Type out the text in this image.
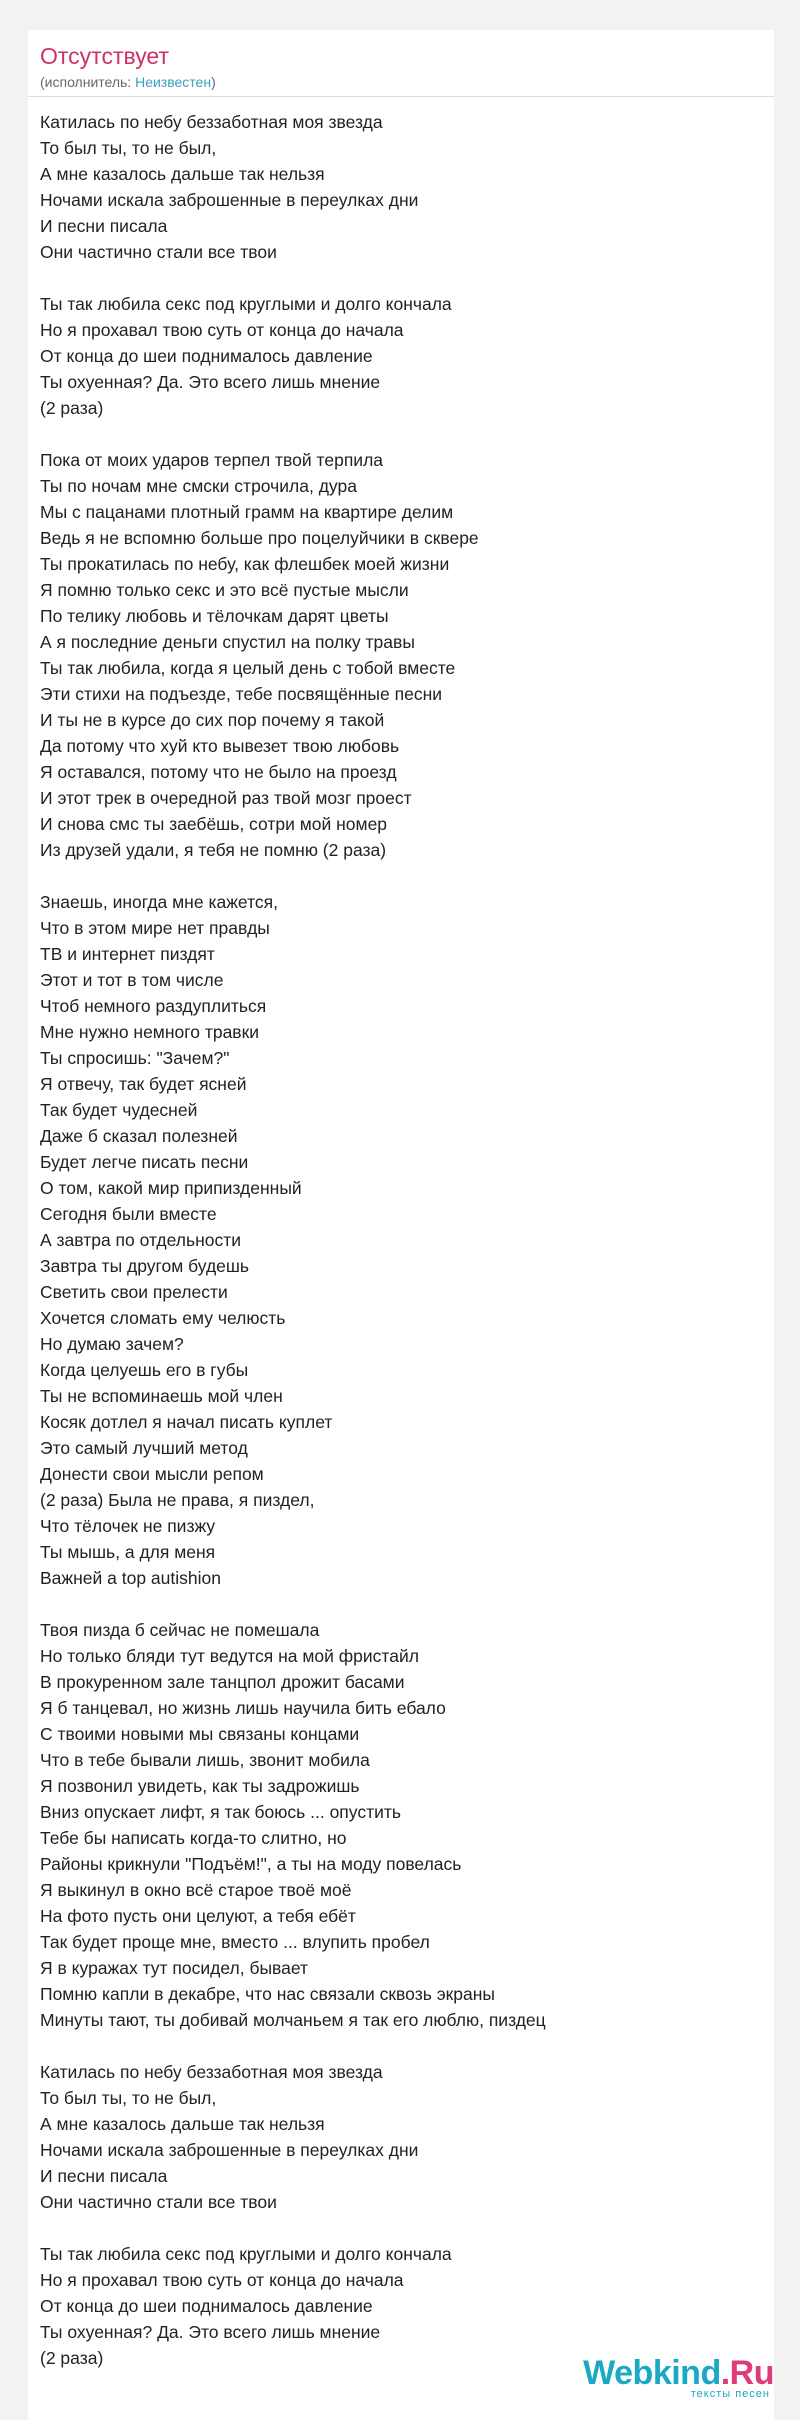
Отсутствует
(исполнитель: Неизвестен)
Катилась по небу беззаботная моя звезда
То был ты, то не был,
А мне казалось дальше так нельзя
Ночами искала заброшенные в переулках дни
И песни писала
Они частично стали все твои
Ты так любила секс под круглыми и долго кончала
Но я прохавал твою суть от конца до начала
От конца до шеи поднималось давление
Ты охуенная? Да. Это всего лишь мнение
(2 раза)
Пока от моих ударов терпел твой терпила
Ты по ночам мне смски строчила, дура
Мы с пацанами плотный грамм на квартире делим
Ведь я не вспомню больше про поцелуйчики в сквере
Ты прокатилась по небу, как флешбек моей жизни
Я помню только секс и это всё пустые мысли
По телику любовь и тёлочкам дарят цветы
А я последние деньги спустил на полку травы
Ты так любила, когда я целый день с тобой вместе
Эти стихи на подъезде, тебе посвящённые песни
И ты не в курсе до сих пор почему я такой
Да потому что хуй кто вывезет твою любовь
Я оставался, потому что не было на проезд
И этот трек в очередной раз твой мозг проест
И снова смс ты заебёшь, сотри мой номер
Из друзей удали, я тебя не помню (2 раза)
Знаешь, иногда мне кажется,
Что в этом мире нет правды
ТВ и интернет пиздят
Этот и тот в том числе
Чтоб немного раздуплиться
Мне нужно немного травки
Ты спросишь: "Зачем?"
Я отвечу, так будет ясней
Так будет чудесней
Даже б сказал полезней
Будет легче писать песни
О том, какой мир припизденный
Сегодня были вместе
А завтра по отдельности
Завтра ты другом будешь
Светить свои прелести
Хочется сломать ему челюсть
Но думаю зачем?
Когда целуешь его в губы
Ты не вспоминаешь мой член
Косяк дотлел я начал писать куплет
Это самый лучший метод
Донести свои мысли репом
(2 раза) Была не права, я пиздел,
Что тёлочек не пизжу
Ты мышь, а для меня
Важней a top autishion
Твоя пизда б сейчас не помешала
Но только бляди тут ведутся на мой фристайл
В прокуренном зале танцпол дрожит басами
Я б танцевал, но жизнь лишь научила бить ебало
С твоими новыми мы связаны концами
Что в тебе бывали лишь, звонит мобила
Я позвонил увидеть, как ты задрожишь
Вниз опускает лифт, я так боюсь ... опустить
Тебе бы написать когда-то слитно, но
Районы крикнули "Подъём!", а ты на моду повелась
Я выкинул в окно всё старое твоё моё
На фото пусть они целуют, а тебя ебёт
Так будет проще мне, вместо ... влупить пробел
Я в куражах тут посидел, бывает
Помню капли в декабре, что нас связали сквозь экраны
Минуты тают, ты добивай молчаньем я так его люблю, пиздец
Катилась по небу беззаботная моя звезда
То был ты, то не был,
А мне казалось дальше так нельзя
Ночами искала заброшенные в переулках дни
И песни писала
Они частично стали все твои
Ты так любила секс под круглыми и долго кончала
Но я прохавал твою суть от конца до начала
От конца до шеи поднималось давление
Ты охуенная? Да. Это всего лишь мнение
(2 раза)	Webkind.Ru
тексты песен
